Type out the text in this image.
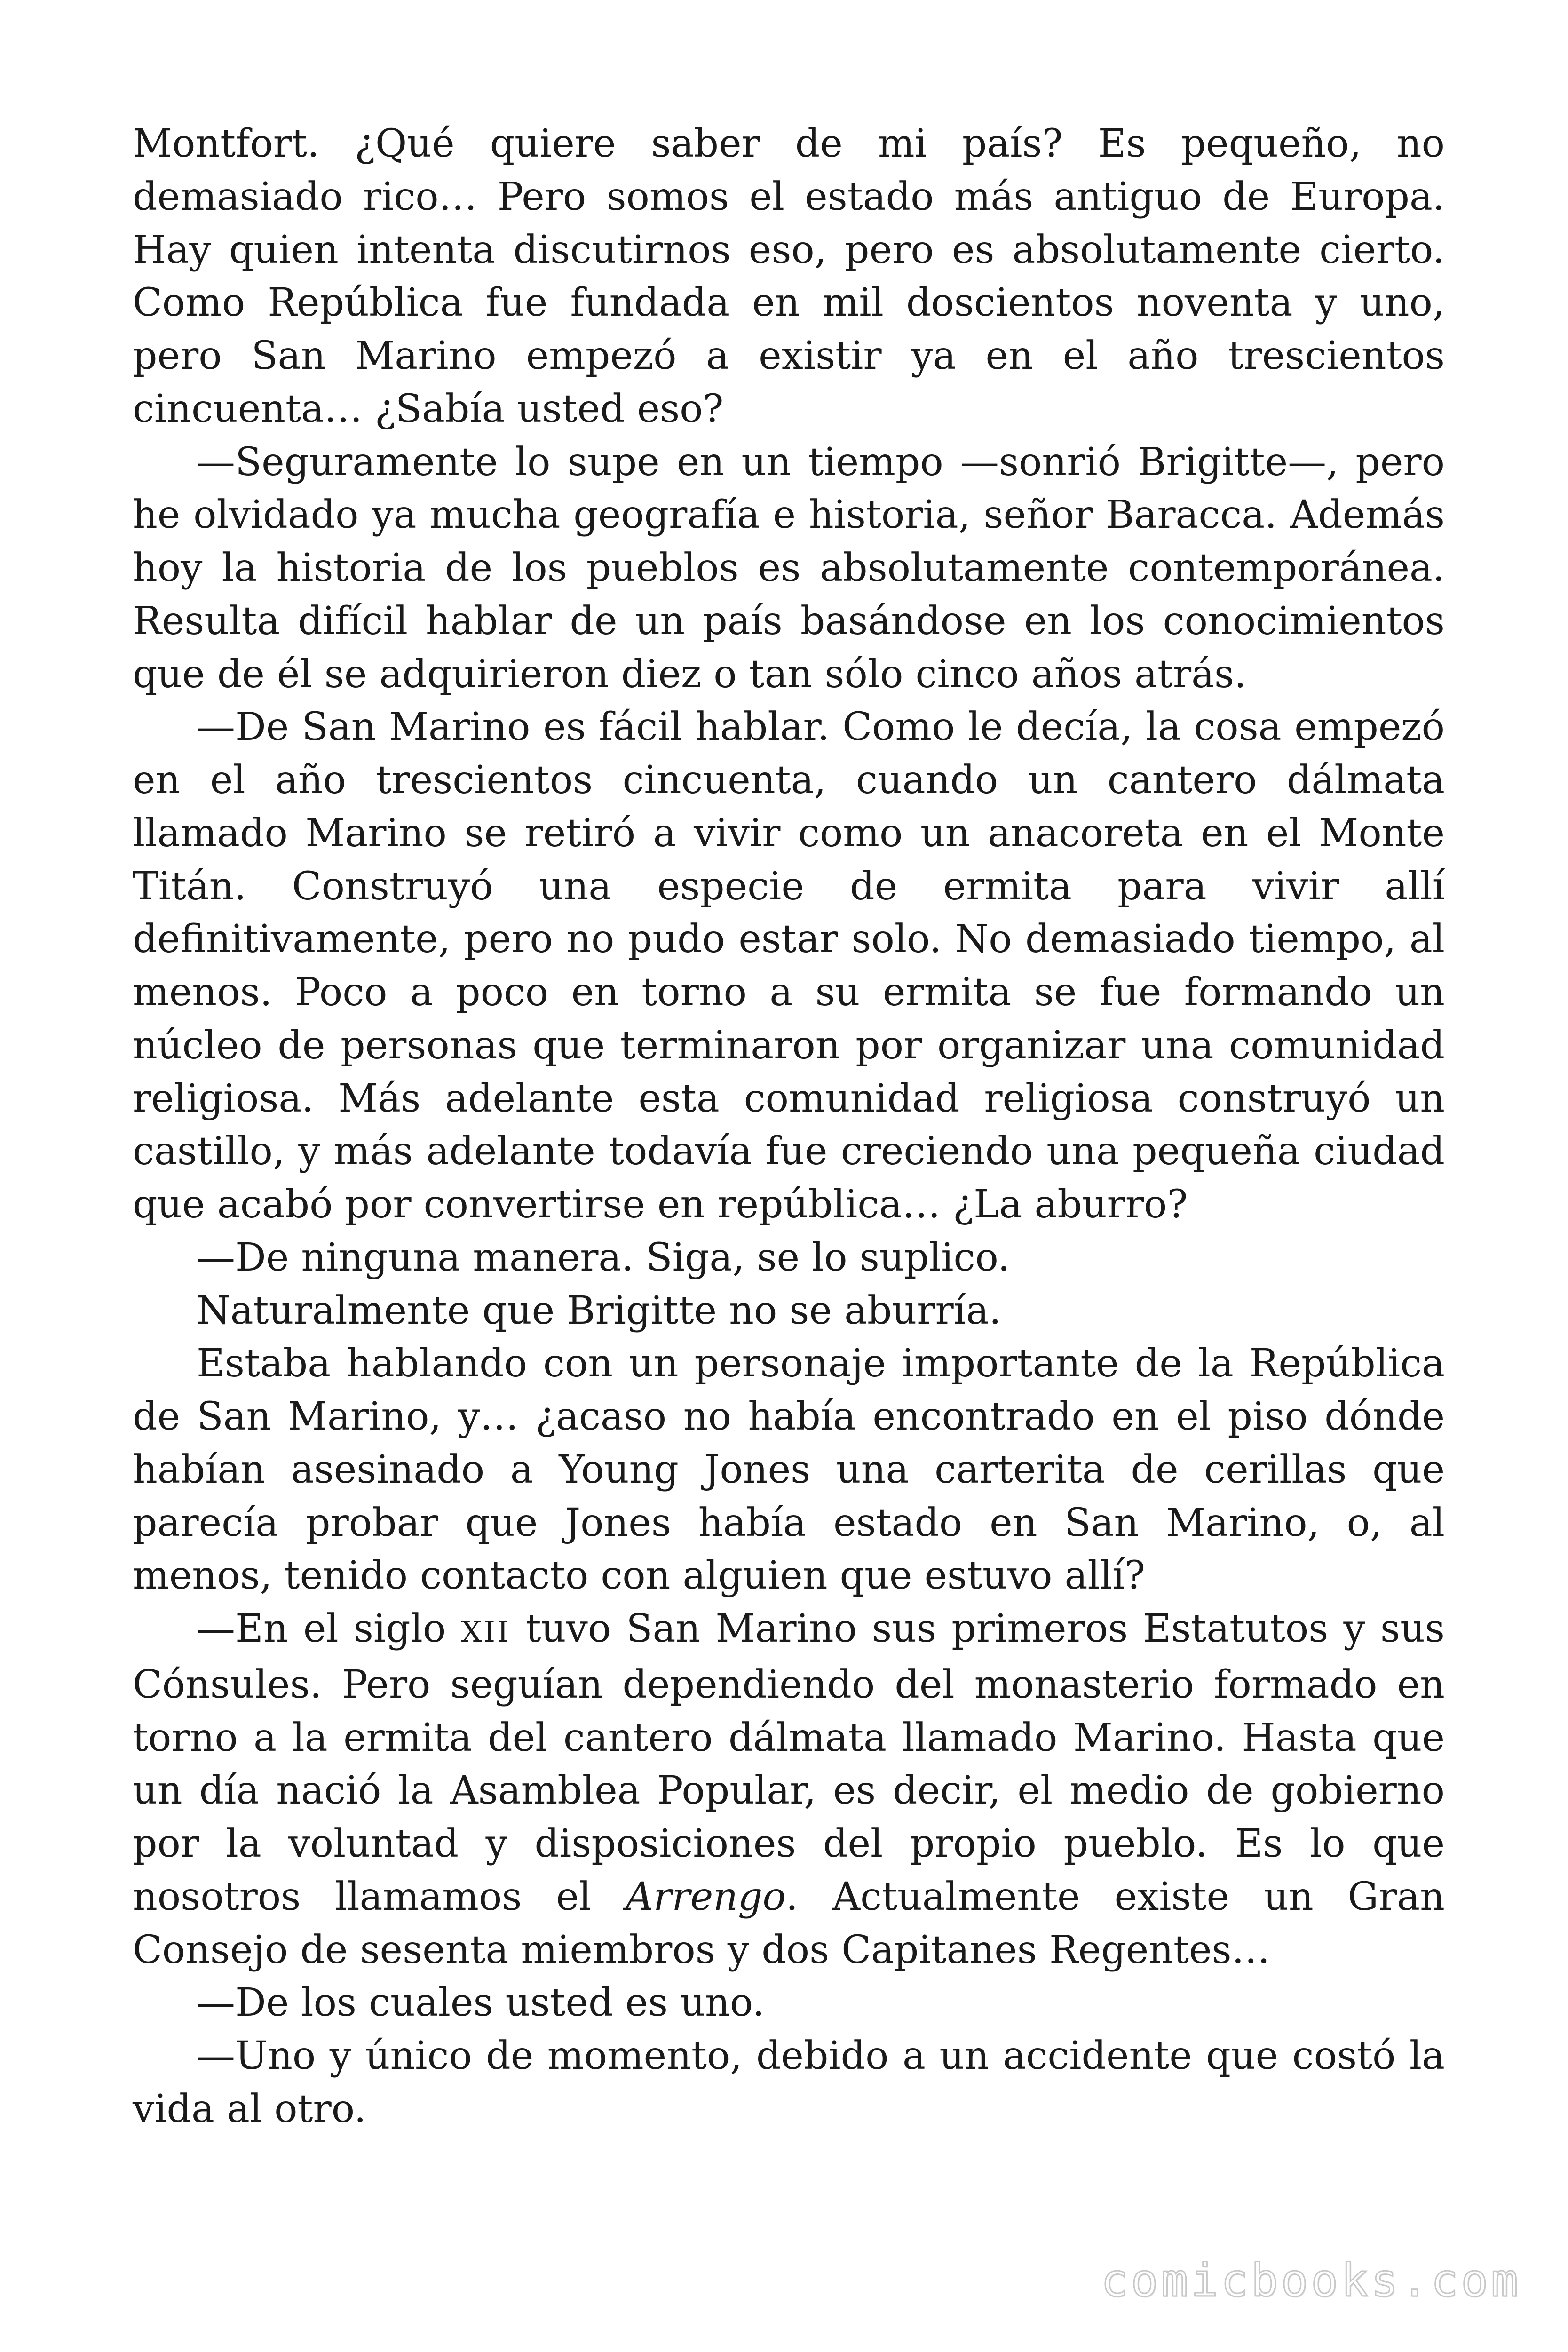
Montfort. ¿Qué quiere saber de mi país? Es pequeño, no demasiado rico… Pero somos el estado más antiguo de Europa. Hay quien intenta discutirnos eso, pero es absolutamente cierto. Como República fue fundada en mil doscientos noventa y uno, pero San Marino empezó a existir ya en el año trescientos cincuenta… ¿Sabía usted eso?

—Seguramente lo supe en un tiempo —sonrió Brigitte—, pero he olvidado ya mucha geografía e historia, señor Baracca. Además hoy la historia de los pueblos es absolutamente contemporánea. Resulta difícil hablar de un país basándose en los conocimientos que de él se adquirieron diez o tan sólo cinco años atrás.

—De San Marino es fácil hablar. Como le decía, la cosa empezó en el año trescientos cincuenta, cuando un cantero dálmata llamado Marino se retiró a vivir como un anacoreta en el Monte Titán. Construyó una especie de ermita para vivir allí definitivamente, pero no pudo estar solo. No demasiado tiempo, al menos. Poco a poco en torno a su ermita se fue formando un núcleo de personas que terminaron por organizar una comunidad religiosa. Más adelante esta comunidad religiosa construyó un castillo, y más adelante todavía fue creciendo una pequeña ciudad que acabó por convertirse en república… ¿La aburro?

—De ninguna manera. Siga, se lo suplico.

Naturalmente que Brigitte no se aburría.

Estaba hablando con un personaje importante de la República de San Marino, y… ¿acaso no había encontrado en el piso dónde habían asesinado a Young Jones una carterita de cerillas que parecía probar que Jones había estado en San Marino, o, al menos, tenido contacto con alguien que estuvo allí?

—En el siglo XII tuvo San Marino sus primeros Estatutos y sus Cónsules. Pero seguían dependiendo del monasterio formado en torno a la ermita del cantero dálmata llamado Marino. Hasta que un día nació la Asamblea Popular, es decir, el medio de gobierno por la voluntad y disposiciones del propio pueblo. Es lo que nosotros llamamos el Arrengo. Actualmente existe un Gran Consejo de sesenta miembros y dos Capitanes Regentes…

—De los cuales usted es uno.

—Uno y único de momento, debido a un accidente que costó la vida al otro.

comicbooks.com
